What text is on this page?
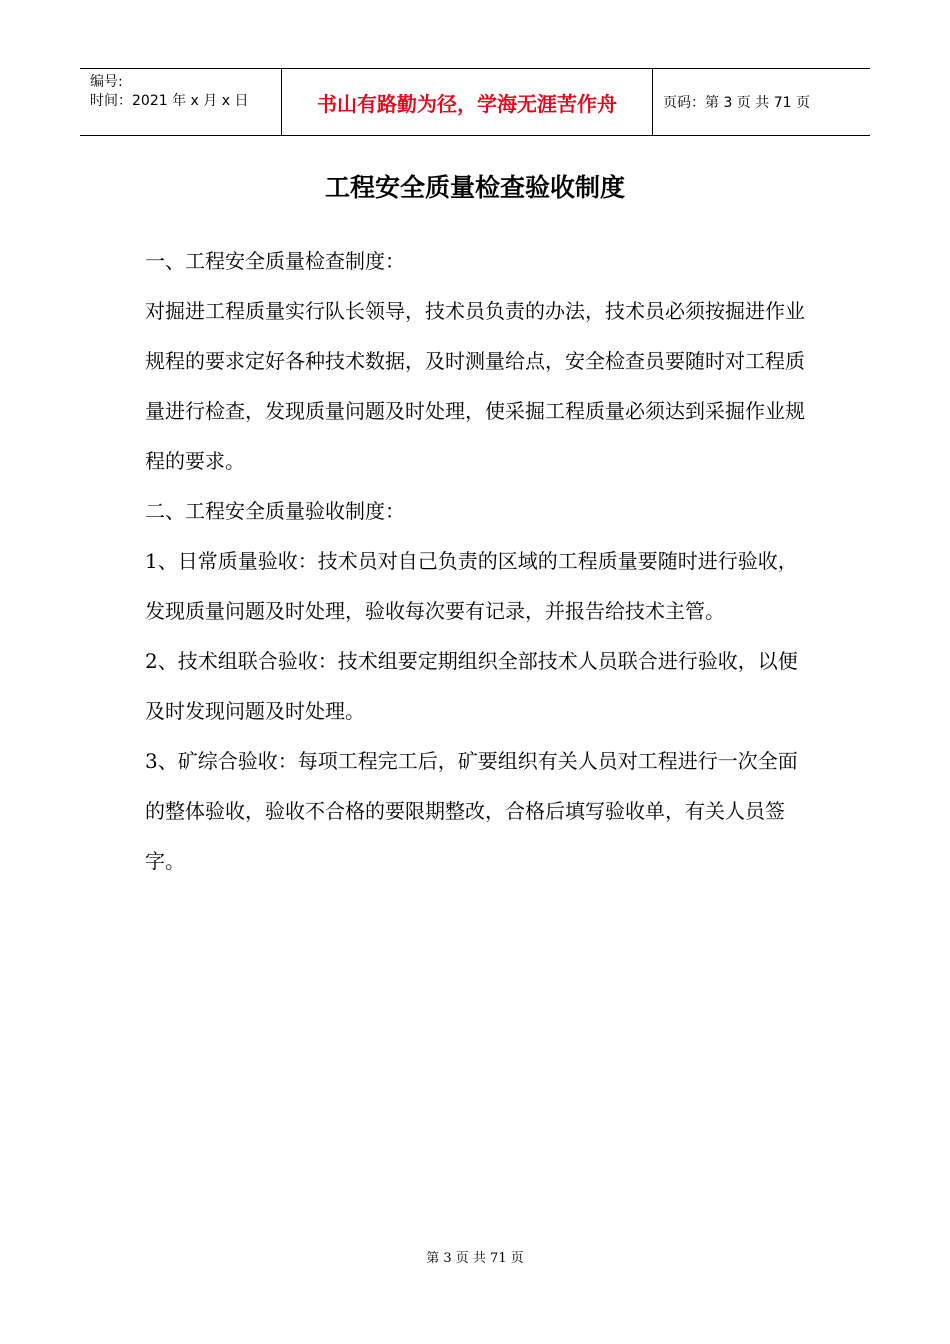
编号:
时间：2021 年 x 月 x 日	书山有路勤为径，学海无涯苦作舟	页码：第 3 页 共 71 页
工程安全质量检查验收制度

一、工程安全质量检查制度：

对掘进工程质量实行队长领导，技术员负责的办法，技术员必须按掘进作业规程的要求定好各种技术数据，及时测量给点，安全检查员要随时对工程质量进行检查，发现质量问题及时处理，使采掘工程质量必须达到采掘作业规程的要求。

二、工程安全质量验收制度：

1、日常质量验收：技术员对自己负责的区域的工程质量要随时进行验收，发现质量问题及时处理，验收每次要有记录，并报告给技术主管。

2、技术组联合验收：技术组要定期组织全部技术人员联合进行验收，以便及时发现问题及时处理。

3、矿综合验收：每项工程完工后，矿要组织有关人员对工程进行一次全面的整体验收，验收不合格的要限期整改，合格后填写验收单，有关人员签字。

第 3 页 共 71 页
